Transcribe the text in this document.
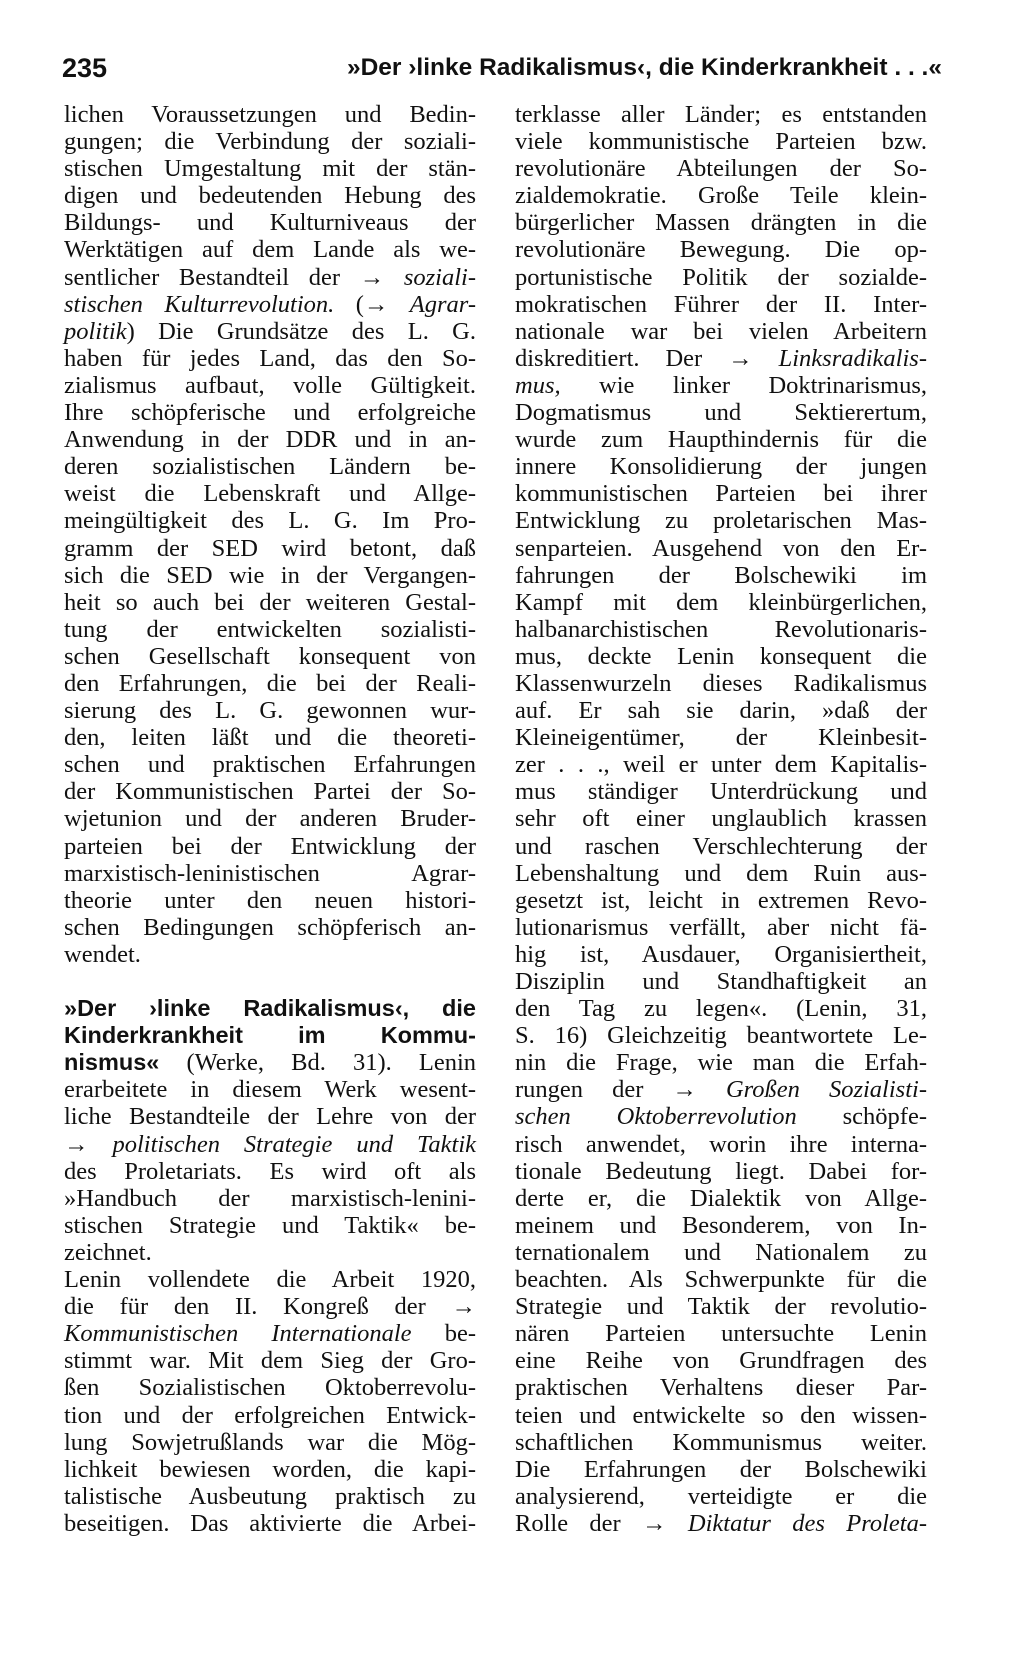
235	»Der ›linke Radikalismus‹, die Kinderkrankheit . . .«
lichen Voraussetzungen und Bedin-
gungen; die Verbindung der soziali-
stischen Umgestaltung mit der stän-
digen und bedeutenden Hebung des
Bildungs- und Kulturniveaus der
Werktätigen auf dem Lande als we-
sentlicher Bestandteil der → soziali-
stischen Kulturrevolution. (→ Agrar-
politik) Die Grundsätze des L. G.
haben für jedes Land, das den So-
zialismus aufbaut, volle Gültigkeit.
Ihre schöpferische und erfolgreiche
Anwendung in der DDR und in an-
deren sozialistischen Ländern be-
weist die Lebenskraft und Allge-
meingültigkeit des L. G. Im Pro-
gramm der SED wird betont, daß
sich die SED wie in der Vergangen-
heit so auch bei der weiteren Gestal-
tung der entwickelten sozialisti-
schen Gesellschaft konsequent von
den Erfahrungen, die bei der Reali-
sierung des L. G. gewonnen wur-
den, leiten läßt und die theoreti-
schen und praktischen Erfahrungen
der Kommunistischen Partei der So-
wjetunion und der anderen Bruder-
parteien bei der Entwicklung der
marxistisch-leninistischen Agrar-
theorie unter den neuen histori-
schen Bedingungen schöpferisch an-
wendet.
»Der ›linke Radikalismus‹, die
Kinderkrankheit im Kommu-
nismus« (Werke, Bd. 31). Lenin
erarbeitete in diesem Werk wesent-
liche Bestandteile der Lehre von der
→ politischen Strategie und Taktik
des Proletariats. Es wird oft als
»Handbuch der marxistisch-lenini-
stischen Strategie und Taktik« be-
zeichnet.
Lenin vollendete die Arbeit 1920,
die für den II. Kongreß der →
Kommunistischen Internationale be-
stimmt war. Mit dem Sieg der Gro-
ßen Sozialistischen Oktoberrevolu-
tion und der erfolgreichen Entwick-
lung Sowjetrußlands war die Mög-
lichkeit bewiesen worden, die kapi-
talistische Ausbeutung praktisch zu
beseitigen. Das aktivierte die Arbei-
terklasse aller Länder; es entstanden
viele kommunistische Parteien bzw.
revolutionäre Abteilungen der So-
zialdemokratie. Große Teile klein-
bürgerlicher Massen drängten in die
revolutionäre Bewegung. Die op-
portunistische Politik der sozialde-
mokratischen Führer der II. Inter-
nationale war bei vielen Arbeitern
diskreditiert. Der → Linksradikalis-
mus, wie linker Doktrinarismus,
Dogmatismus und Sektierertum,
wurde zum Haupthindernis für die
innere Konsolidierung der jungen
kommunistischen Parteien bei ihrer
Entwicklung zu proletarischen Mas-
senparteien. Ausgehend von den Er-
fahrungen der Bolschewiki im
Kampf mit dem kleinbürgerlichen,
halbanarchistischen Revolutionaris-
mus, deckte Lenin konsequent die
Klassenwurzeln dieses Radikalismus
auf. Er sah sie darin, »daß der
Kleineigentümer, der Kleinbesit-
zer . . ., weil er unter dem Kapitalis-
mus ständiger Unterdrückung und
sehr oft einer unglaublich krassen
und raschen Verschlechterung der
Lebenshaltung und dem Ruin aus-
gesetzt ist, leicht in extremen Revo-
lutionarismus verfällt, aber nicht fä-
hig ist, Ausdauer, Organisiertheit,
Disziplin und Standhaftigkeit an
den Tag zu legen«. (Lenin, 31,
S. 16) Gleichzeitig beantwortete Le-
nin die Frage, wie man die Erfah-
rungen der → Großen Sozialisti-
schen Oktoberrevolution schöpfe-
risch anwendet, worin ihre interna-
tionale Bedeutung liegt. Dabei for-
derte er, die Dialektik von Allge-
meinem und Besonderem, von In-
ternationalem und Nationalem zu
beachten. Als Schwerpunkte für die
Strategie und Taktik der revolutio-
nären Parteien untersuchte Lenin
eine Reihe von Grundfragen des
praktischen Verhaltens dieser Par-
teien und entwickelte so den wissen-
schaftlichen Kommunismus weiter.
Die Erfahrungen der Bolschewiki
analysierend, verteidigte er die
Rolle der → Diktatur des Proleta-
